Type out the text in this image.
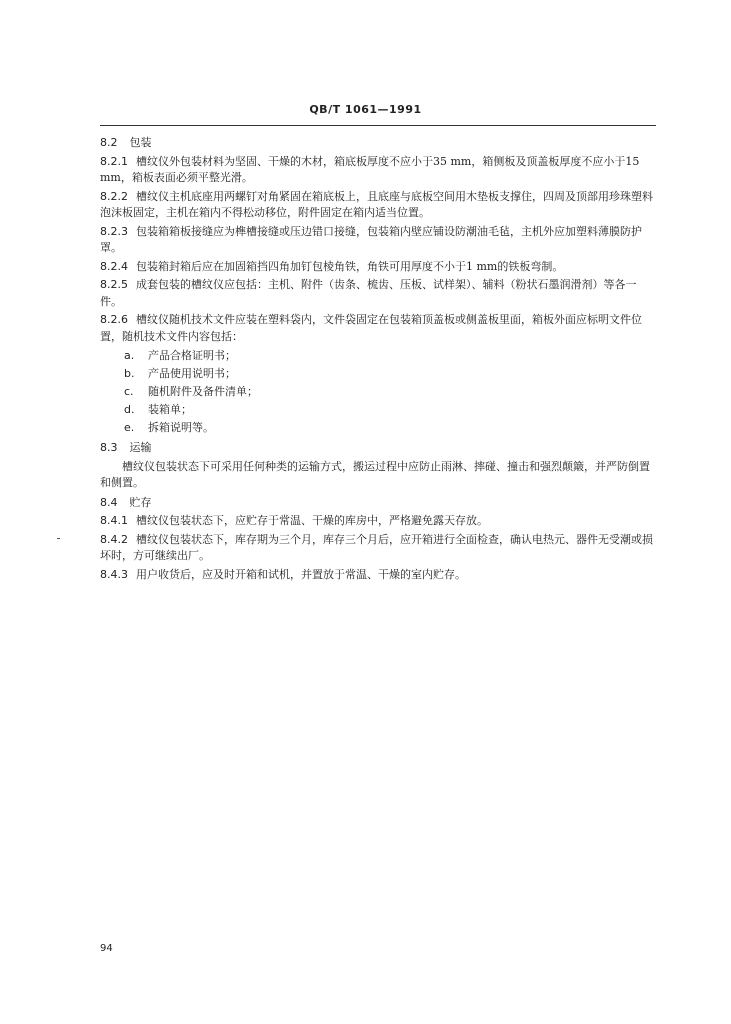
QB/T 1061—1991
8.2 包装
8.2.1 槽纹仪外包装材料为坚固、干燥的木材，箱底板厚度不应小于35 mm，箱侧板及顶盖板厚度不应小于15 mm，箱板表面必须平整光滑。
8.2.2 槽纹仪主机底座用两螺钉对角紧固在箱底板上，且底座与底板空间用木垫板支撑住，四周及顶部用珍珠塑料泡沫板固定，主机在箱内不得松动移位，附件固定在箱内适当位置。
8.2.3 包装箱箱板接缝应为榫槽接缝或压边错口接缝，包装箱内壁应铺设防潮油毛毡，主机外应加塑料薄膜防护罩。
8.2.4 包装箱封箱后应在加固箱挡四角加钉包棱角铁，角铁可用厚度不小于1 mm的铁板弯制。
8.2.5 成套包装的槽纹仪应包括：主机、附件（齿条、梳齿、压板、试样架）、辅料（粉状石墨润滑剂）等各一件。
8.2.6 槽纹仪随机技术文件应装在塑料袋内，文件袋固定在包装箱顶盖板或侧盖板里面，箱板外面应标明文件位置，随机技术文件内容包括：
a. 产品合格证明书；
b. 产品使用说明书；
c. 随机附件及备件清单；
d. 装箱单；
e. 拆箱说明等。
8.3 运输
槽纹仪包装状态下可采用任何种类的运输方式，搬运过程中应防止雨淋、摔碰、撞击和强烈颠簸，并严防倒置和侧置。
8.4 贮存
8.4.1 槽纹仪包装状态下，应贮存于常温、干燥的库房中，严格避免露天存放。
8.4.2 槽纹仪包装状态下，库存期为三个月，库存三个月后，应开箱进行全面检查，确认电热元、器件无受潮或损坏时，方可继续出厂。
8.4.3 用户收货后，应及时开箱和试机，并置放于常温、干燥的室内贮存。
94
